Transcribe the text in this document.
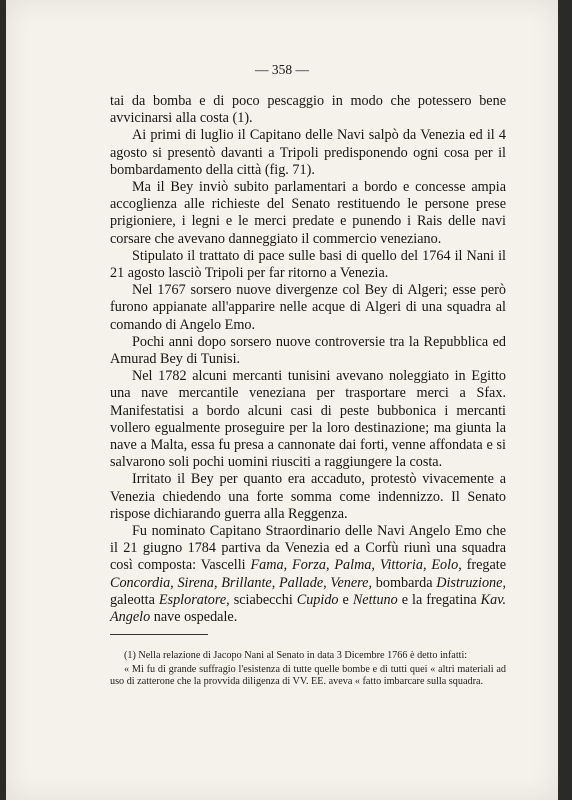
— 358 —

tai da bomba e di poco pescaggio in modo che potessero bene avvicinarsi alla costa (1).

Ai primi di luglio il Capitano delle Navi salpò da Venezia ed il 4 agosto si presentò davanti a Tripoli predisponendo ogni cosa per il bombardamento della città (fig. 71).

Ma il Bey inviò subito parlamentari a bordo e concesse ampia accoglienza alle richieste del Senato restituendo le persone prese prigioniere, i legni e le merci predate e punendo i Rais delle navi corsare che avevano danneggiato il commercio veneziano.

Stipulato il trattato di pace sulle basi di quello del 1764 il Nani il 21 agosto lasciò Tripoli per far ritorno a Venezia.

Nel 1767 sorsero nuove divergenze col Bey di Algeri; esse però furono appianate all'apparire nelle acque di Algeri di una squadra al comando di Angelo Emo.

Pochi anni dopo sorsero nuove controversie tra la Repubblica ed Amurad Bey di Tunisi.

Nel 1782 alcuni mercanti tunisini avevano noleggiato in Egitto una nave mercantile veneziana per trasportare merci a Sfax. Manifestatisi a bordo alcuni casi di peste bubbonica i mercanti vollero egualmente proseguire per la loro destinazione; ma giunta la nave a Malta, essa fu presa a cannonate dai forti, venne affondata e si salvarono soli pochi uomini riusciti a raggiungere la costa.

Irritato il Bey per quanto era accaduto, protestò vivacemente a Venezia chiedendo una forte somma come indennizzo. Il Senato rispose dichiarando guerra alla Reggenza.

Fu nominato Capitano Straordinario delle Navi Angelo Emo che il 21 giugno 1784 partiva da Venezia ed a Corfù riunì una squadra così composta: Vascelli Fama, Forza, Palma, Vittoria, Eolo, fregate Concordia, Sirena, Brillante, Pallade, Venere, bombarda Distruzione, galeotta Esploratore, sciabecchi Cupido e Nettuno e la fregatina Kav. Angelo nave ospedale.

(1) Nella relazione di Jacopo Nani al Senato in data 3 Dicembre 1766 è detto infatti:

« Mi fu di grande suffragio l'esistenza di tutte quelle bombe e di tutti quei « altri materiali ad uso di zatterone che la provvida diligenza di VV. EE. aveva « fatto imbarcare sulla squadra.
